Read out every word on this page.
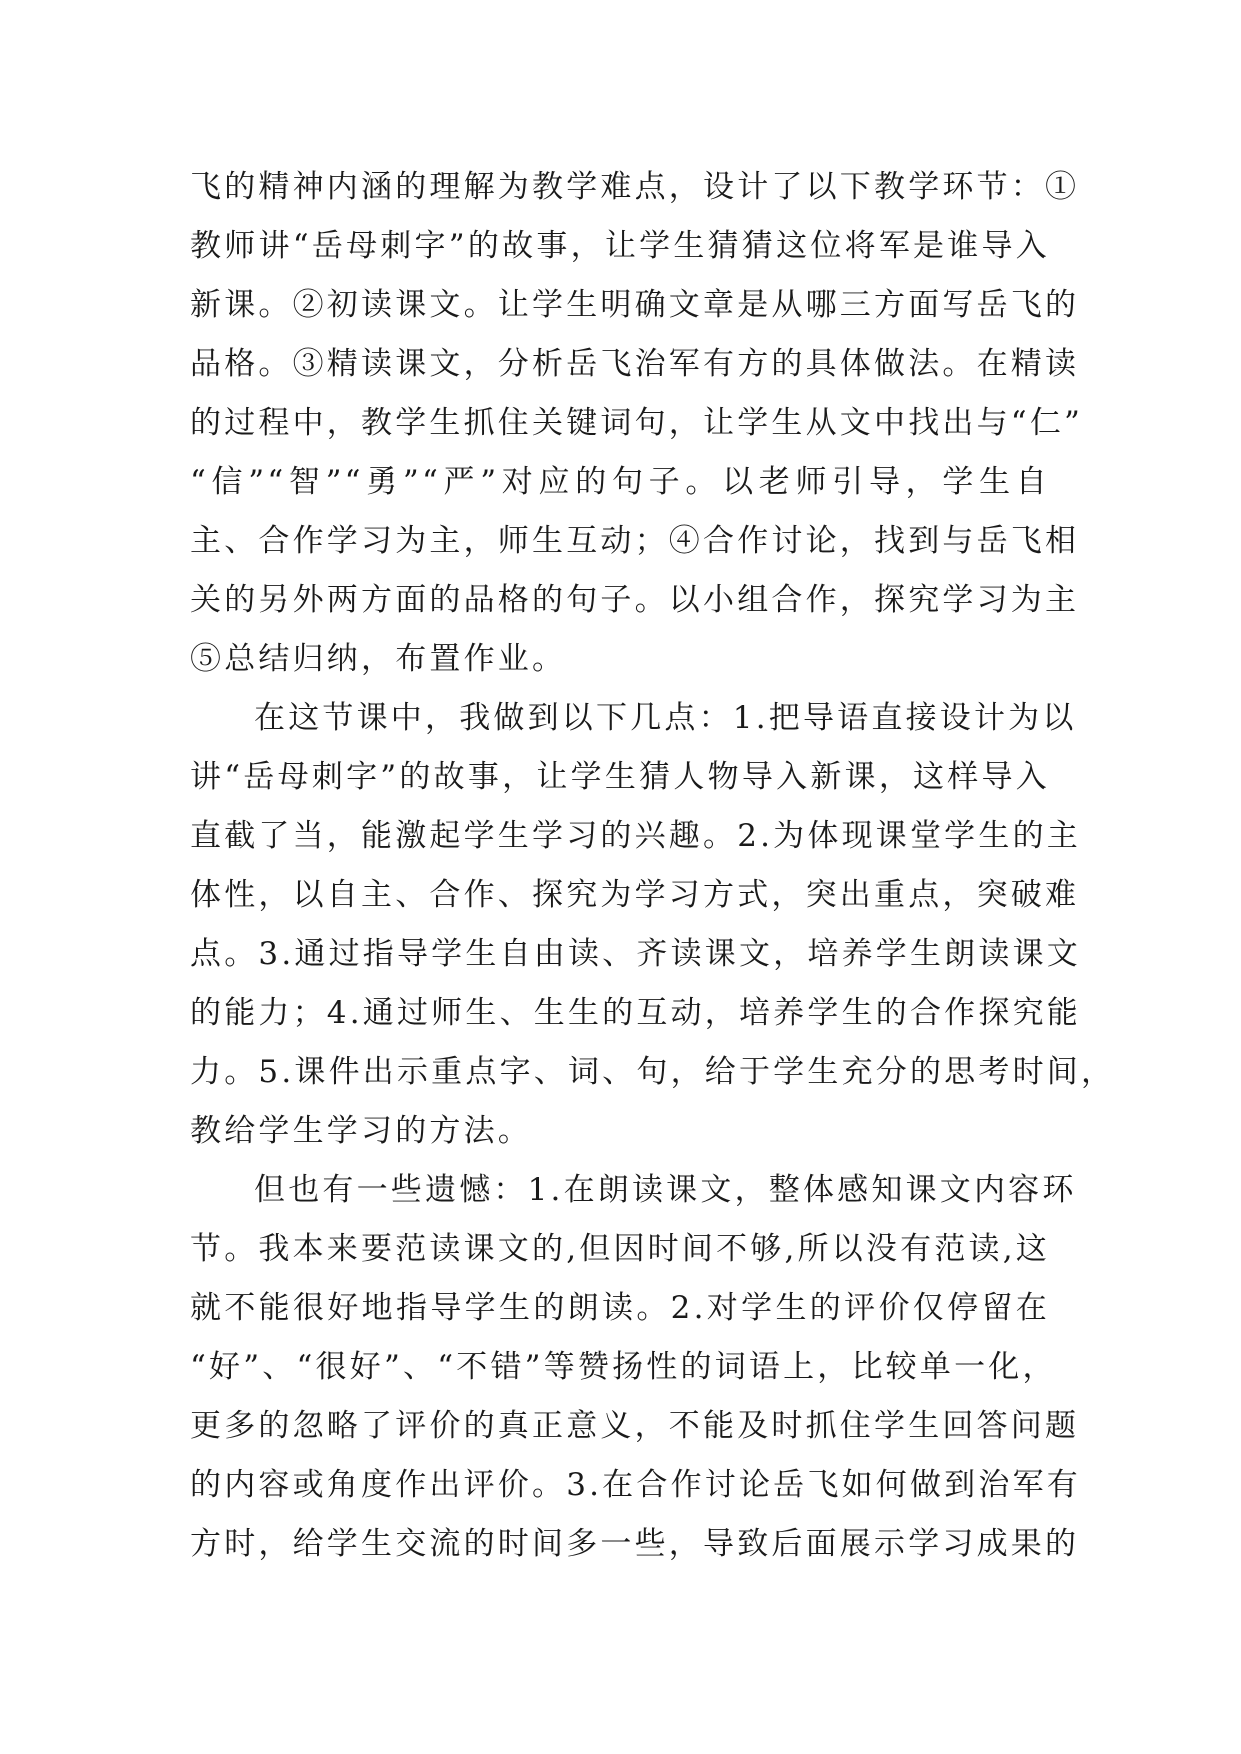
飞的精神内涵的理解为教学难点，设计了以下教学环节：①
教师讲“岳母刺字”的故事，让学生猜猜这位将军是谁导入
新课。②初读课文。让学生明确文章是从哪三方面写岳飞的
品格。③精读课文，分析岳飞治军有方的具体做法。在精读
的过程中，教学生抓住关键词句，让学生从文中找出与“仁”
“信”“智”“勇”“严”对应的句子。以老师引导，学生自
主、合作学习为主，师生互动；④合作讨论，找到与岳飞相
关的另外两方面的品格的句子。以小组合作，探究学习为主
⑤总结归纳，布置作业。
在这节课中，我做到以下几点：1.把导语直接设计为以
讲“岳母刺字”的故事，让学生猜人物导入新课，这样导入
直截了当，能激起学生学习的兴趣。2.为体现课堂学生的主
体性，以自主、合作、探究为学习方式，突出重点，突破难
点。3.通过指导学生自由读、齐读课文，培养学生朗读课文
的能力；4.通过师生、生生的互动，培养学生的合作探究能
力。5.课件出示重点字、词、句，给于学生充分的思考时间，
教给学生学习的方法。
但也有一些遗憾：1.在朗读课文，整体感知课文内容环
节。我本来要范读课文的,但因时间不够,所以没有范读,这
就不能很好地指导学生的朗读。2.对学生的评价仅停留在
“好”、“很好”、“不错”等赞扬性的词语上，比较单一化，
更多的忽略了评价的真正意义，不能及时抓住学生回答问题
的内容或角度作出评价。3.在合作讨论岳飞如何做到治军有
方时，给学生交流的时间多一些，导致后面展示学习成果的
